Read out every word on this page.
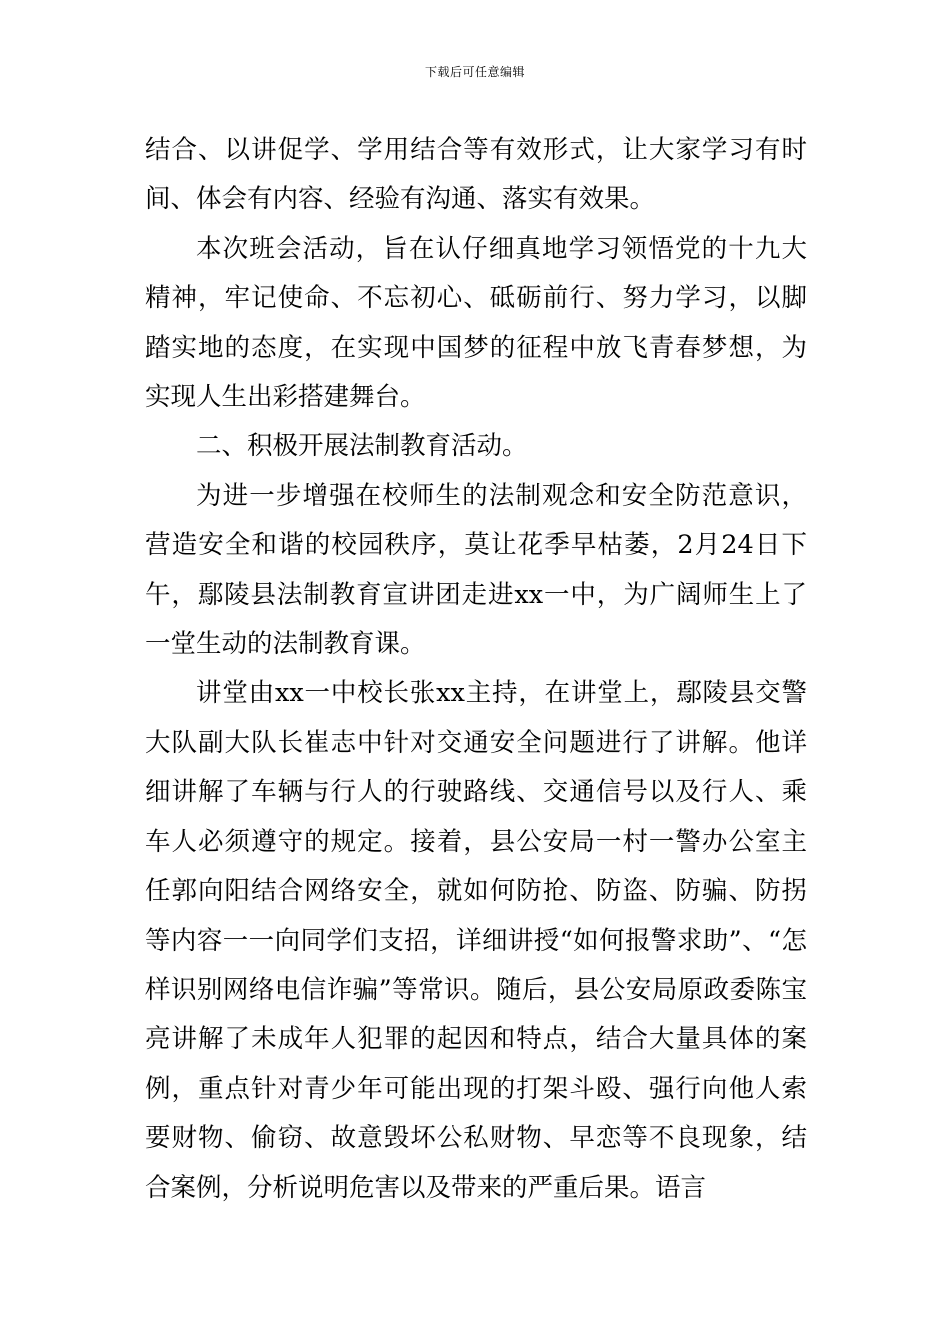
下载后可任意编辑

结合、以讲促学、学用结合等有效形式，让大家学习有时间、体会有内容、经验有沟通、落实有效果。

本次班会活动，旨在认仔细真地学习领悟党的十九大精神，牢记使命、不忘初心、砥砺前行、努力学习，以脚踏实地的态度，在实现中国梦的征程中放飞青春梦想，为实现人生出彩搭建舞台。

二、积极开展法制教育活动。

为进一步增强在校师生的法制观念和安全防范意识，营造安全和谐的校园秩序，莫让花季早枯萎，2月24日下午，鄢陵县法制教育宣讲团走进xx一中，为广阔师生上了一堂生动的法制教育课。

讲堂由xx一中校长张xx主持，在讲堂上，鄢陵县交警大队副大队长崔志中针对交通安全问题进行了讲解。他详细讲解了车辆与行人的行驶路线、交通信号以及行人、乘车人必须遵守的规定。接着，县公安局一村一警办公室主任郭向阳结合网络安全，就如何防抢、防盗、防骗、防拐等内容一一向同学们支招，详细讲授“如何报警求助”、“怎样识别网络电信诈骗”等常识。随后，县公安局原政委陈宝亮讲解了未成年人犯罪的起因和特点，结合大量具体的案例，重点针对青少年可能出现的打架斗殴、强行向他人索要财物、偷窃、故意毁坏公私财物、早恋等不良现象，结合案例，分析说明危害以及带来的严重后果。语言
